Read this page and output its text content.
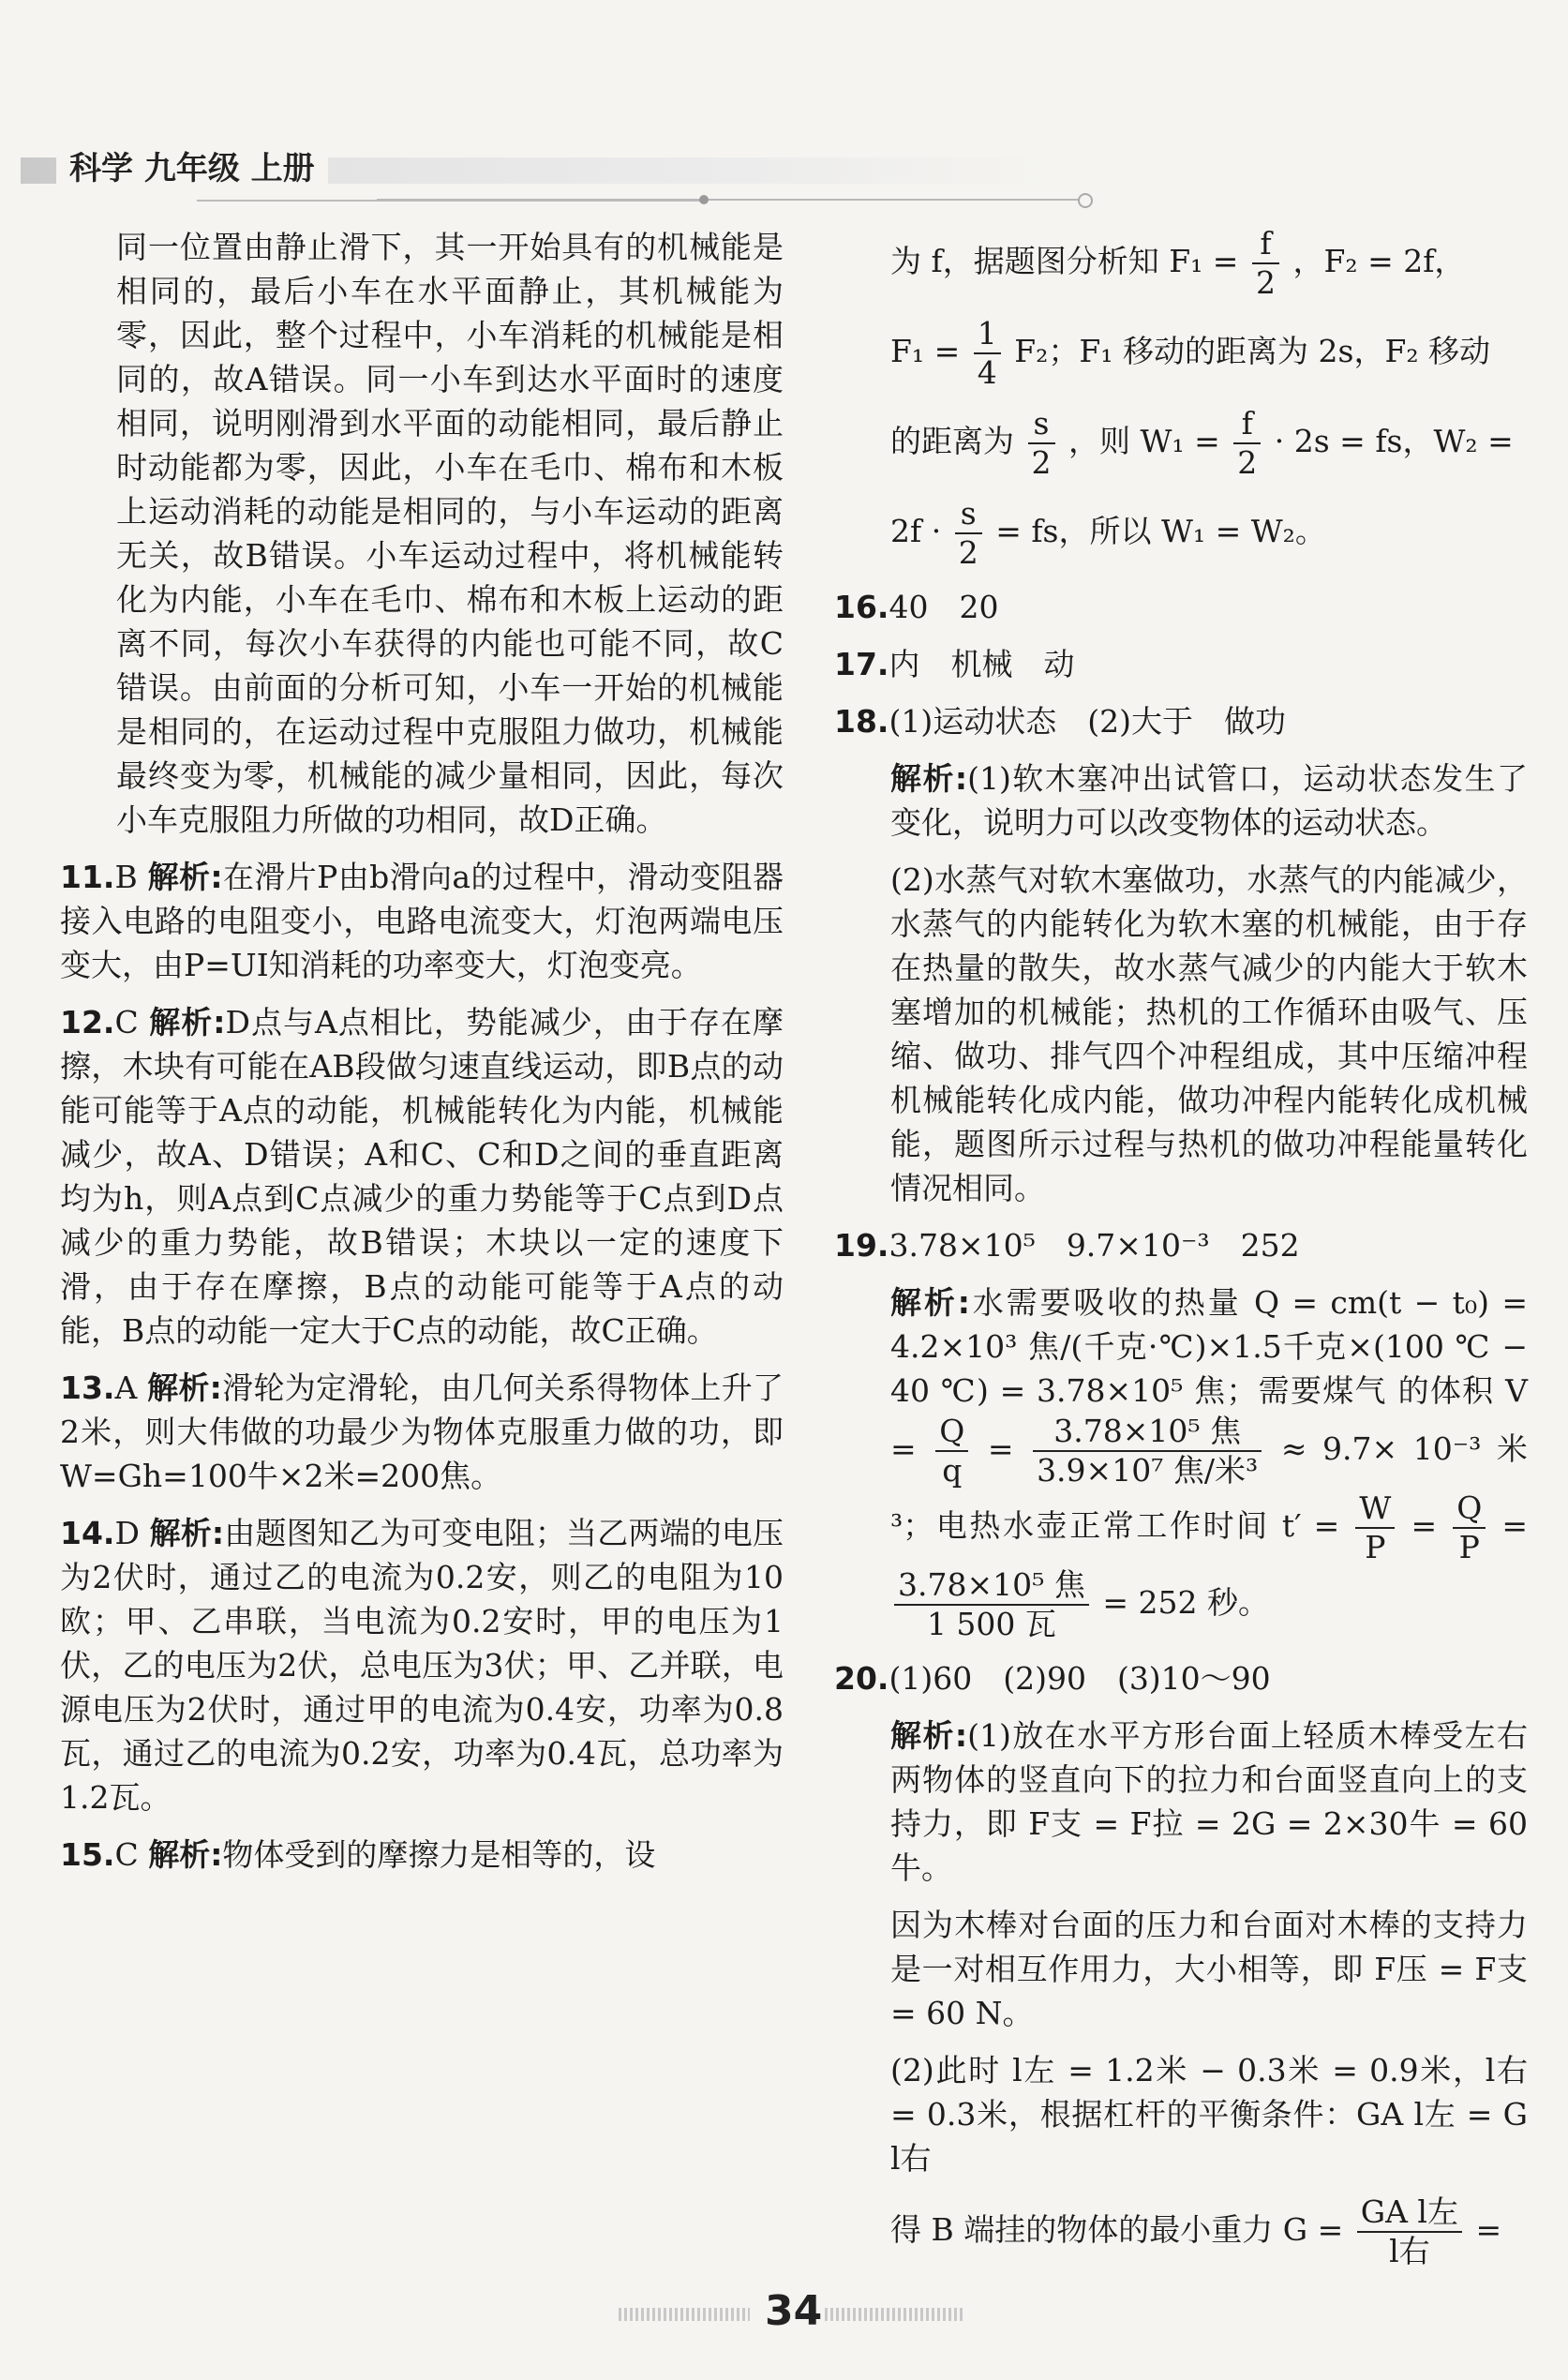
科学 九年级 上册

同一位置由静止滑下，其一开始具有的机械能是相同的，最后小车在水平面静止，其机械能为零，因此，整个过程中，小车消耗的机械能是相同的，故A错误。同一小车到达水平面时的速度相同，说明刚滑到水平面的动能相同，最后静止时动能都为零，因此，小车在毛巾、棉布和木板上运动消耗的动能是相同的，与小车运动的距离无关，故B错误。小车运动过程中，将机械能转化为内能，小车在毛巾、棉布和木板上运动的距离不同，每次小车获得的内能也可能不同，故C错误。由前面的分析可知，小车一开始的机械能是相同的，在运动过程中克服阻力做功，机械能最终变为零，机械能的减少量相同，因此，每次小车克服阻力所做的功相同，故D正确。

11.B 解析:在滑片P由b滑向a的过程中，滑动变阻器接入电路的电阻变小，电路电流变大，灯泡两端电压变大，由P=UI知消耗的功率变大，灯泡变亮。

12.C 解析:D点与A点相比，势能减少，由于存在摩擦，木块有可能在AB段做匀速直线运动，即B点的动能可能等于A点的动能，机械能转化为内能，机械能减少，故A、D错误；A和C、C和D之间的垂直距离均为h，则A点到C点减少的重力势能等于C点到D点减少的重力势能，故B错误；木块以一定的速度下滑，由于存在摩擦，B点的动能可能等于A点的动能，B点的动能一定大于C点的动能，故C正确。

13.A 解析:滑轮为定滑轮，由几何关系得物体上升了2米，则大伟做的功最少为物体克服重力做的功，即W=Gh=100牛×2米=200焦。

14.D 解析:由题图知乙为可变电阻；当乙两端的电压为2伏时，通过乙的电流为0.2安，则乙的电阻为10欧；甲、乙串联，当电流为0.2安时，甲的电压为1伏，乙的电压为2伏，总电压为3伏；甲、乙并联，电源电压为2伏时，通过甲的电流为0.4安，功率为0.8瓦，通过乙的电流为0.2安，功率为0.4瓦，总功率为1.2瓦。

15.C 解析:物体受到的摩擦力是相等的，设

为 f，据题图分析知 $F_1 = \frac{f}{2}$ ，F₂ = 2f，

$F_1 = \frac{1}{4} F_2$；F₁ 移动的距离为 2s，F₂ 移动

的距离为 $\frac{s}{2}$ ，则 $W_1 = \frac{f}{2} \cdot 2s$ = fs，W₂ =

$2f \cdot \frac{s}{2}$ = fs，所以 W₁ = W₂。

16.40　20

17.内　机械　动

18.(1)运动状态　(2)大于　做功

解析:(1)软木塞冲出试管口，运动状态发生了变化，说明力可以改变物体的运动状态。

(2)水蒸气对软木塞做功，水蒸气的内能减少，水蒸气的内能转化为软木塞的机械能，由于存在热量的散失，故水蒸气减少的内能大于软木塞增加的机械能；热机的工作循环由吸气、压缩、做功、排气四个冲程组成，其中压缩冲程机械能转化成内能，做功冲程内能转化成机械能，题图所示过程与热机的做功冲程能量转化情况相同。

19.3.78×10⁵　9.7×10⁻³　252

解析:水需要吸收的热量 Q = cm(t − t₀) = 4.2×10³ 焦/(千克·℃)×1.5千克×(100 ℃ − 40 ℃) = 3.78×10⁵ 焦；需要煤气 的体积 $V = \frac{Q}{q} = \frac{\text{3.78×10⁵ 焦}}{\text{3.9×10⁷ 焦/米³}} \approx 9.7\times 10^{-3}$ 米³；电热水壶正常工作时间 $t' = \frac{W}{P} = \frac{Q}{P}$ =
$\frac{\text{3.78×10⁵ 焦}}{\text{1 500 瓦}} = 252$ 秒。

20.(1)60　(2)90　(3)10～90

解析:(1)放在水平方形台面上轻质木棒受左右两物体的竖直向下的拉力和台面竖直向上的支持力，即 F支 = F拉 = 2G = 2×30牛 = 60牛。

因为木棒对台面的压力和台面对木棒的支持力是一对相互作用力，大小相等，即 F压 = F支 = 60 N。

(2)此时 l左 = 1.2米 − 0.3米 = 0.9米，l右 = 0.3米，根据杠杆的平衡条件：GA l左 = G l右

得 B 端挂的物体的最小重力 $G = \frac{\text{GA l左}}{\text{l右}}$ =

34
